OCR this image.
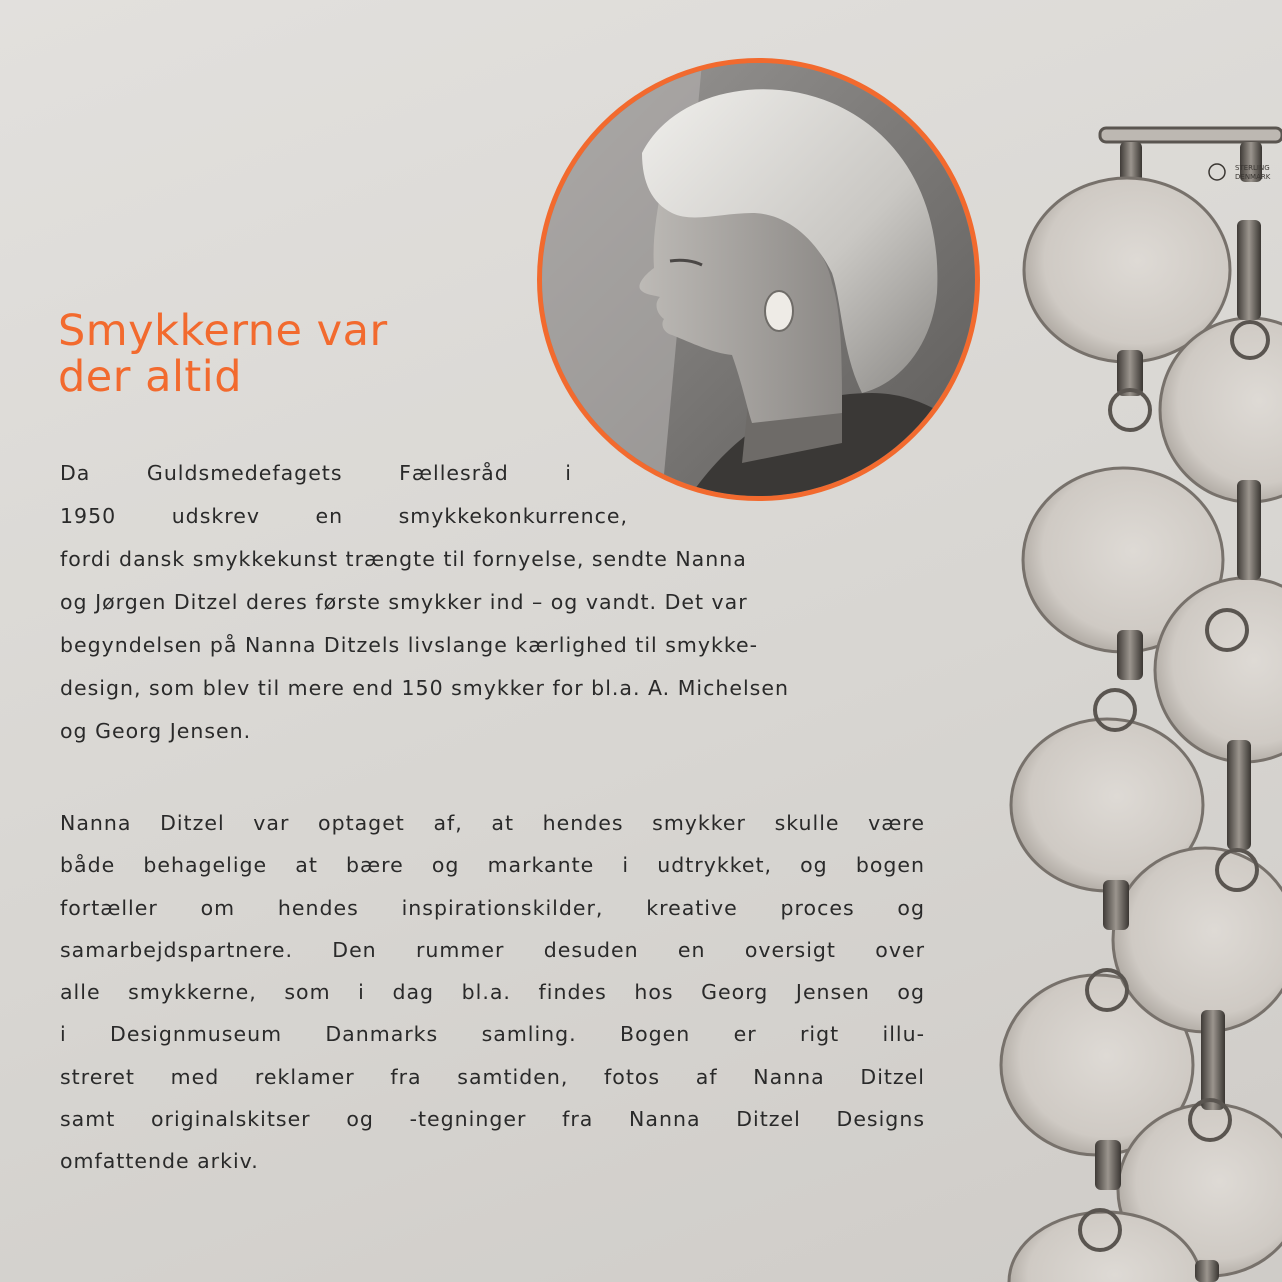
Smykkerne var
der altid
Da Guldsmedefagets Fællesråd i
1950 udskrev en smykkekonkurrence,
fordi dansk smykkekunst trængte til fornyelse, sendte Nanna
og Jørgen Ditzel deres første smykker ind – og vandt. Det var
begyndelsen på Nanna Ditzels livslange kærlighed til smykke-
design, som blev til mere end 150 smykker for bl.a. A. Michelsen
og Georg Jensen.
Nanna Ditzel var optaget af, at hendes smykker skulle være
både behagelige at bære og markante i udtrykket, og bogen
fortæller om hendes inspirationskilder, kreative proces og
samarbejdspartnere. Den rummer desuden en oversigt over
alle smykkerne, som i dag bl.a. findes hos Georg Jensen og
i Designmuseum Danmarks samling. Bogen er rigt illu-
streret med reklamer fra samtiden, fotos af Nanna Ditzel
samt originalskitser og -tegninger fra Nanna Ditzel Designs
omfattende arkiv.
STERLING
DENMARK
